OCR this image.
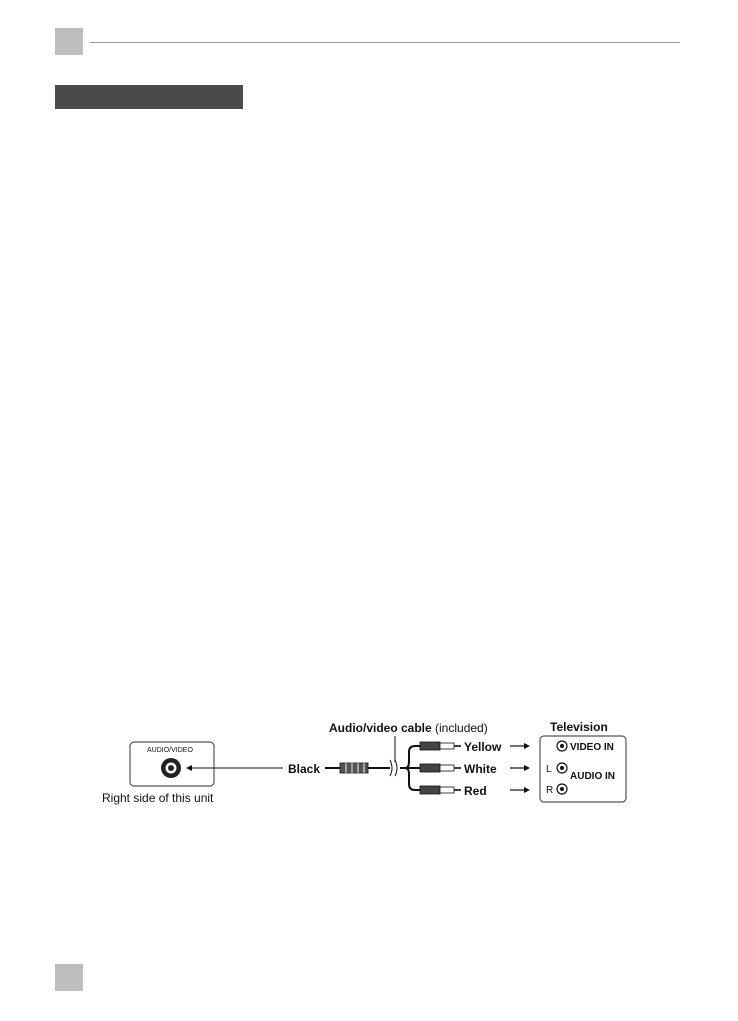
Audio/video cable (included)
AUDIO/VIDEO
Right side of this unit
Black
Yellow
White
Red
Television
VIDEO IN
L
AUDIO IN
R
